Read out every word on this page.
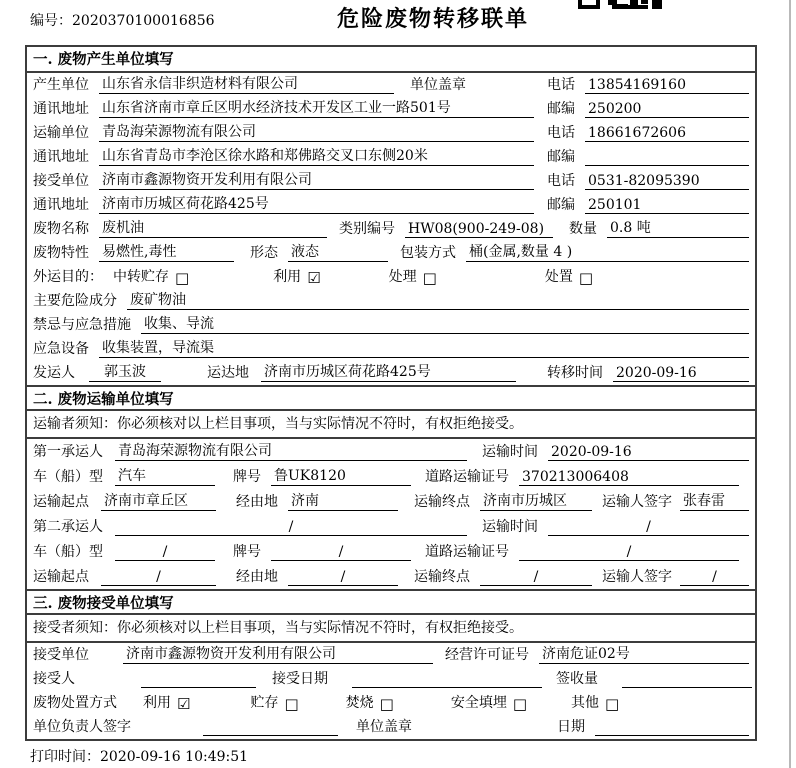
编号：2020370100016856	危险废物转移联单
一. 废物产生单位填写
产生单位 山东省永信非织造材料有限公司	单位盖章	电话 13854169160
通讯地址 山东省济南市章丘区明水经济技术开发区工业一路501号	邮编 250200
运输单位 青岛海荣源物流有限公司	电话 18661672606
通讯地址 山东省青岛市李沧区徐水路和郑佛路交叉口东侧20米	邮编
接受单位 济南市鑫源物资开发利用有限公司	电话 0531-82095390
通讯地址 济南市历城区荷花路425号	邮编 250101
废物名称 废机油	类别编号 HW08(900-249-08)	数量 0.8 吨
废物特性 易燃性,毒性	形态 液态	包装方式 桶(金属,数量 4 )
外运目的： 中转贮存 □	利用 ☑	处理 □	处置 □
主要危险成分 废矿物油
禁忌与应急措施 收集、导流
应急设备 收集装置，导流渠
发运人	郭玉波	运达地 济南市历城区荷花路425号	转移时间 2020-09-16
二. 废物运输单位填写
运输者须知：你必须核对以上栏目事项，当与实际情况不符时，有权拒绝接受。
第一承运人 青岛海荣源物流有限公司	运输时间 2020-09-16
车（船）型 汽车	牌号 鲁UK8120	道路运输证号 370213006408
运输起点 济南市章丘区	经由地 济南	运输终点 济南市历城区	运输人签字 张春雷
第二承运人	/	运输时间	/
车（船）型	/	牌号	/	道路运输证号	/
运输起点	/	经由地	/	运输终点	/	运输人签字	/
三. 废物接受单位填写
接受者须知：你必须核对以上栏目事项，当与实际情况不符时，有权拒绝接受。
接受单位	济南市鑫源物资开发利用有限公司	经营许可证号 济南危证02号
接受人	接受日期	签收量
废物处置方式 利用 ☑	贮存 □	焚烧 □	安全填埋 □	其他 □
单位负责人签字	单位盖章	日期
打印时间：2020-09-16 10:49:51
